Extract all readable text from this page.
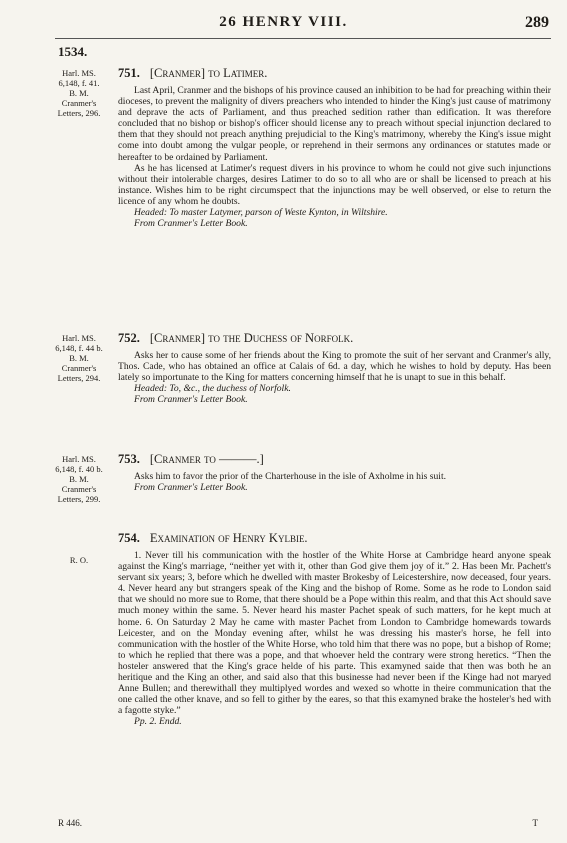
26 HENRY VIII.	289
1534.
Harl. MS.
6,148, f. 41.
B. M.
Cranmer's
Letters, 296.
751. [Cranmer] to Latimer.

Last April, Cranmer and the bishops of his province caused an inhibition to be had for preaching within their dioceses, to prevent the malignity of divers preachers who intended to hinder the King's just cause of matrimony and deprave the acts of Parliament, and thus preached sedition rather than edification. It was therefore concluded that no bishop or bishop's officer should license any to preach without special injunction declared to them that they should not preach anything prejudicial to the King's matrimony, whereby the King's issue might come into doubt among the vulgar people, or reprehend in their sermons any ordinances or statutes made or hereafter to be ordained by Parliament.

As he has licensed at Latimer's request divers in his province to whom he could not give such injunctions without their intolerable charges, desires Latimer to do so to all who are or shall be licensed to preach at his instance. Wishes him to be right circumspect that the injunctions may be well observed, or else to return the licence of any whom he doubts.

Headed: To master Latymer, parson of Weste Kynton, in Wiltshire.

From Cranmer's Letter Book.

Harl. MS.
6,148, f. 44 b.
B. M.
Cranmer's
Letters, 294.
752. [Cranmer] to the Duchess of Norfolk.

Asks her to cause some of her friends about the King to promote the suit of her servant and Cranmer's ally, Thos. Cade, who has obtained an office at Calais of 6d. a day, which he wishes to hold by deputy. Has been lately so importunate to the King for matters concerning himself that he is unapt to sue in this behalf.

Headed: To, &c., the duchess of Norfolk.

From Cranmer's Letter Book.

Harl. MS.
6,148, f. 40 b.
B. M.
Cranmer's
Letters, 299.
753. [Cranmer to ———.]

Asks him to favor the prior of the Charterhouse in the isle of Axholme in his suit.

From Cranmer's Letter Book.

R. O.
754. Examination of Henry Kylbie.

1. Never till his communication with the hostler of the White Horse at Cambridge heard anyone speak against the King's marriage, “neither yet with it, other than God give them joy of it.” 2. Has been Mr. Pachett's servant six years; 3, before which he dwelled with master Brokesby of Leicestershire, now deceased, four years. 4. Never heard any but strangers speak of the King and the bishop of Rome. Some as he rode to London said that we should no more sue to Rome, that there should be a Pope within this realm, and that this Act should save much money within the same. 5. Never heard his master Pachet speak of such matters, for he kept much at home. 6. On Saturday 2 May he came with master Pachet from London to Cambridge homewards towards Leicester, and on the Monday evening after, whilst he was dressing his master's horse, he fell into communication with the hostler of the White Horse, who told him that there was no pope, but a bishop of Rome; to which he replied that there was a pope, and that whoever held the contrary were strong heretics. “Then the hosteler answered that the King's grace helde of his parte. This examyned saide that then was both he an heritique and the King an other, and said also that this businesse had never been if the Kinge had not maryed Anne Bullen; and therewithall they multiplyed wordes and wexed so whotte in theire communication that the one called the other knave, and so fell to gither by the eares, so that this examyned brake the hosteler's hed with a fagotte styke.”

Pp. 2. Endd.

R 446.	T
